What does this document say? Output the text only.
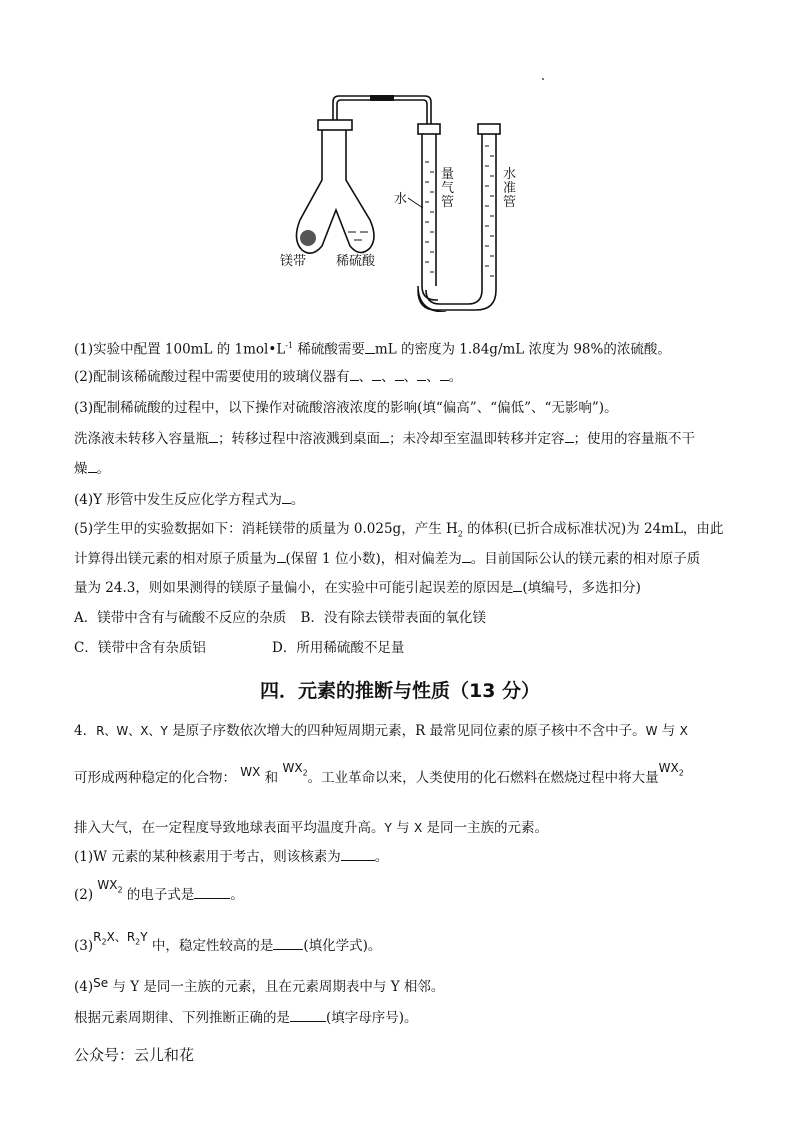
镁带 稀硫酸
水
量气管
水准管
(1)实验中配置 100mL 的 $1mol•L^{-1}$ 稀硫酸需要 mL 的密度为 1.84g/mL 浓度为 98%的浓硫酸。
(2)配制该稀硫酸过程中需要使用的玻璃仪器有 、 、 、 、 。
(3)配制稀硫酸的过程中，以下操作对硫酸溶液浓度的影响(填“偏高”、“偏低”、“无影响”)。
洗涤液未转移入容量瓶 ；转移过程中溶液溅到桌面 ；未冷却至室温即转移并定容 ；使用的容量瓶不干
燥 。
(4)Y 形管中发生反应化学方程式为 。
(5)学生甲的实验数据如下：消耗镁带的质量为 0.025g，产生 $H_2$ 的体积(已折合成标准状况)为 24mL，由此
计算得出镁元素的相对原子质量为 (保留 1 位小数)，相对偏差为 。目前国际公认的镁元素的相对原子质
量为 24.3，则如果测得的镁原子量偏小，在实验中可能引起误差的原因是 (填编号，多选扣分)
A．镁带中含有与硫酸不反应的杂质 B．没有除去镁带表面的氧化镁
C．镁带中含有杂质铝	D．所用稀硫酸不足量
四．元素的推断与性质（13 分）
4．R、W、X、Y 是原子序数依次增大的四种短周期元素，R 最常见同位素的原子核中不含中子。W 与 X
可形成两种稳定的化合物： WX 和 $WX_2$。工业革命以来，人类使用的化石燃料在燃烧过程中将大量$WX_2$
排入大气，在一定程度导致地球表面平均温度升高。Y 与 X 是同一主族的元素。
(1)W 元素的某种核素用于考古，则该核素为	。
(2) $WX_2$ 的电子式是	。
$(3)R_2X$、$R_2Y$ 中，稳定性较高的是 (填化学式)。
(4)Se 与 Y 是同一主族的元素，且在元素周期表中与 Y 相邻。
根据元素周期律、下列推断正确的是	(填字母序号)。
公众号：云儿和花
